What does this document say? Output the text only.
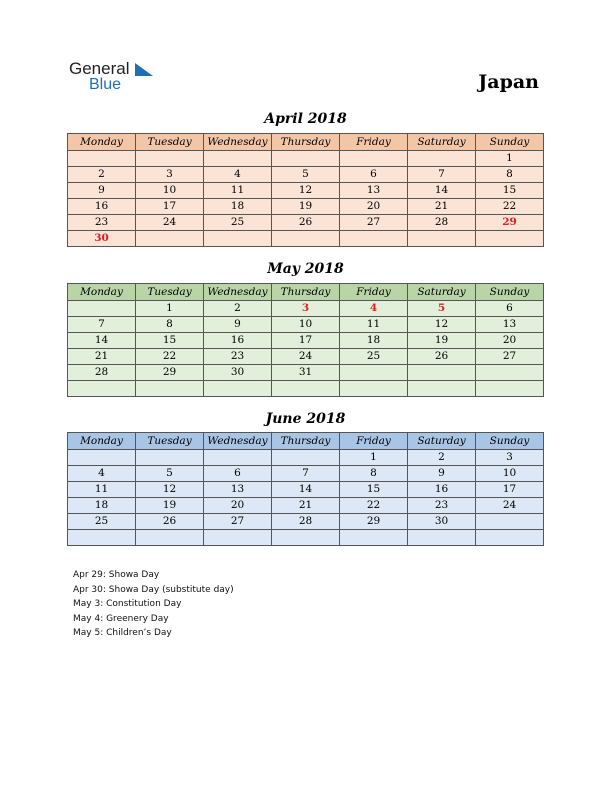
General
Blue	Japan
April 2018
Monday	Tuesday	Wednesday	Thursday	Friday	Saturday	Sunday
						1
2	3	4	5	6	7	8
9	10	11	12	13	14	15
16	17	18	19	20	21	22
23	24	25	26	27	28	29
30						
May 2018
Monday	Tuesday	Wednesday	Thursday	Friday	Saturday	Sunday
	1	2	3	4	5	6
7	8	9	10	11	12	13
14	15	16	17	18	19	20
21	22	23	24	25	26	27
28	29	30	31			

June 2018
Monday	Tuesday	Wednesday	Thursday	Friday	Saturday	Sunday
				1	2	3
4	5	6	7	8	9	10
11	12	13	14	15	16	17
18	19	20	21	22	23	24
25	26	27	28	29	30	

Apr 29: Showa Day
Apr 30: Showa Day (substitute day)
May 3: Constitution Day
May 4: Greenery Day
May 5: Children’s Day
